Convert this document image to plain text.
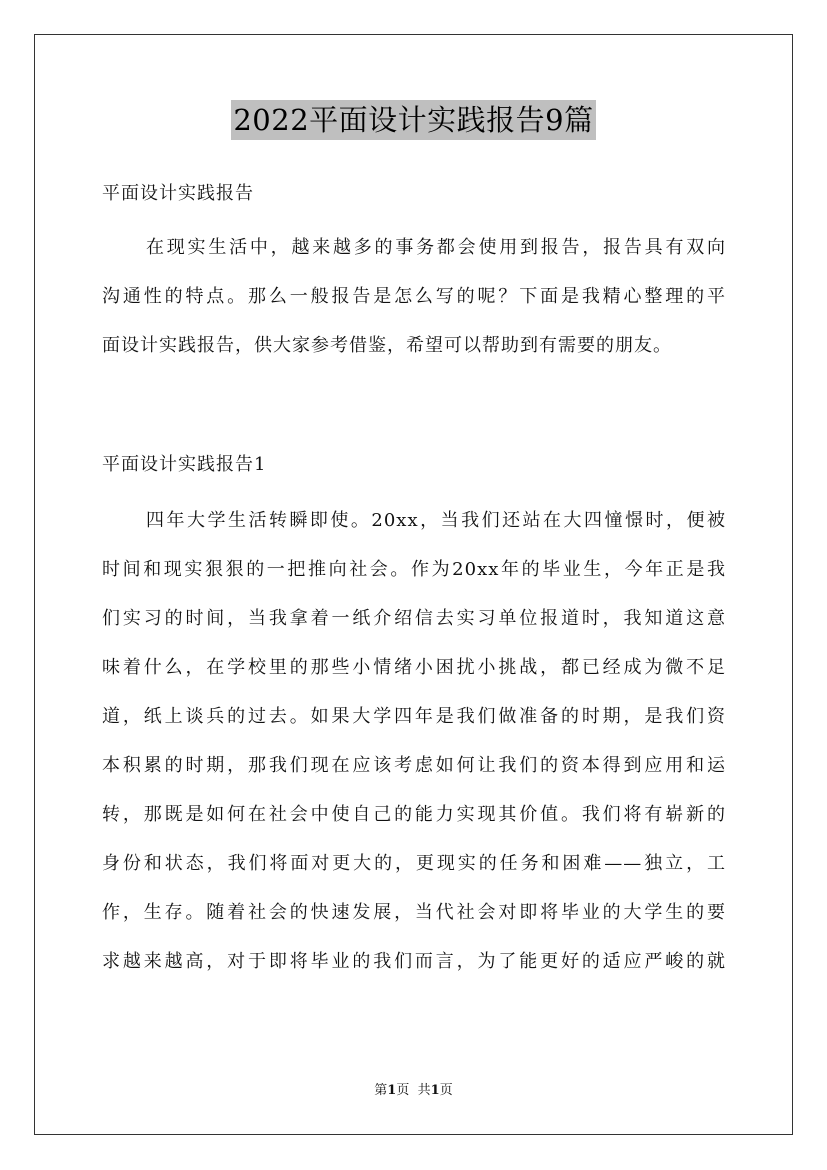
2022平面设计实践报告9篇
平面设计实践报告
在现实生活中，越来越多的事务都会使用到报告，报告具有双向
沟通性的特点。那么一般报告是怎么写的呢？下面是我精心整理的平
面设计实践报告，供大家参考借鉴，希望可以帮助到有需要的朋友。
平面设计实践报告1
四年大学生活转瞬即使。20xx，当我们还站在大四憧憬时，便被
时间和现实狠狠的一把推向社会。作为20xx年的毕业生，今年正是我
们实习的时间，当我拿着一纸介绍信去实习单位报道时，我知道这意
味着什么，在学校里的那些小情绪小困扰小挑战，都已经成为微不足
道，纸上谈兵的过去。如果大学四年是我们做准备的时期，是我们资
本积累的时期，那我们现在应该考虑如何让我们的资本得到应用和运
转，那既是如何在社会中使自己的能力实现其价值。我们将有崭新的
身份和状态，我们将面对更大的，更现实的任务和困难——独立，工
作，生存。随着社会的快速发展，当代社会对即将毕业的大学生的要
求越来越高，对于即将毕业的我们而言，为了能更好的适应严峻的就
第1页 共1页
